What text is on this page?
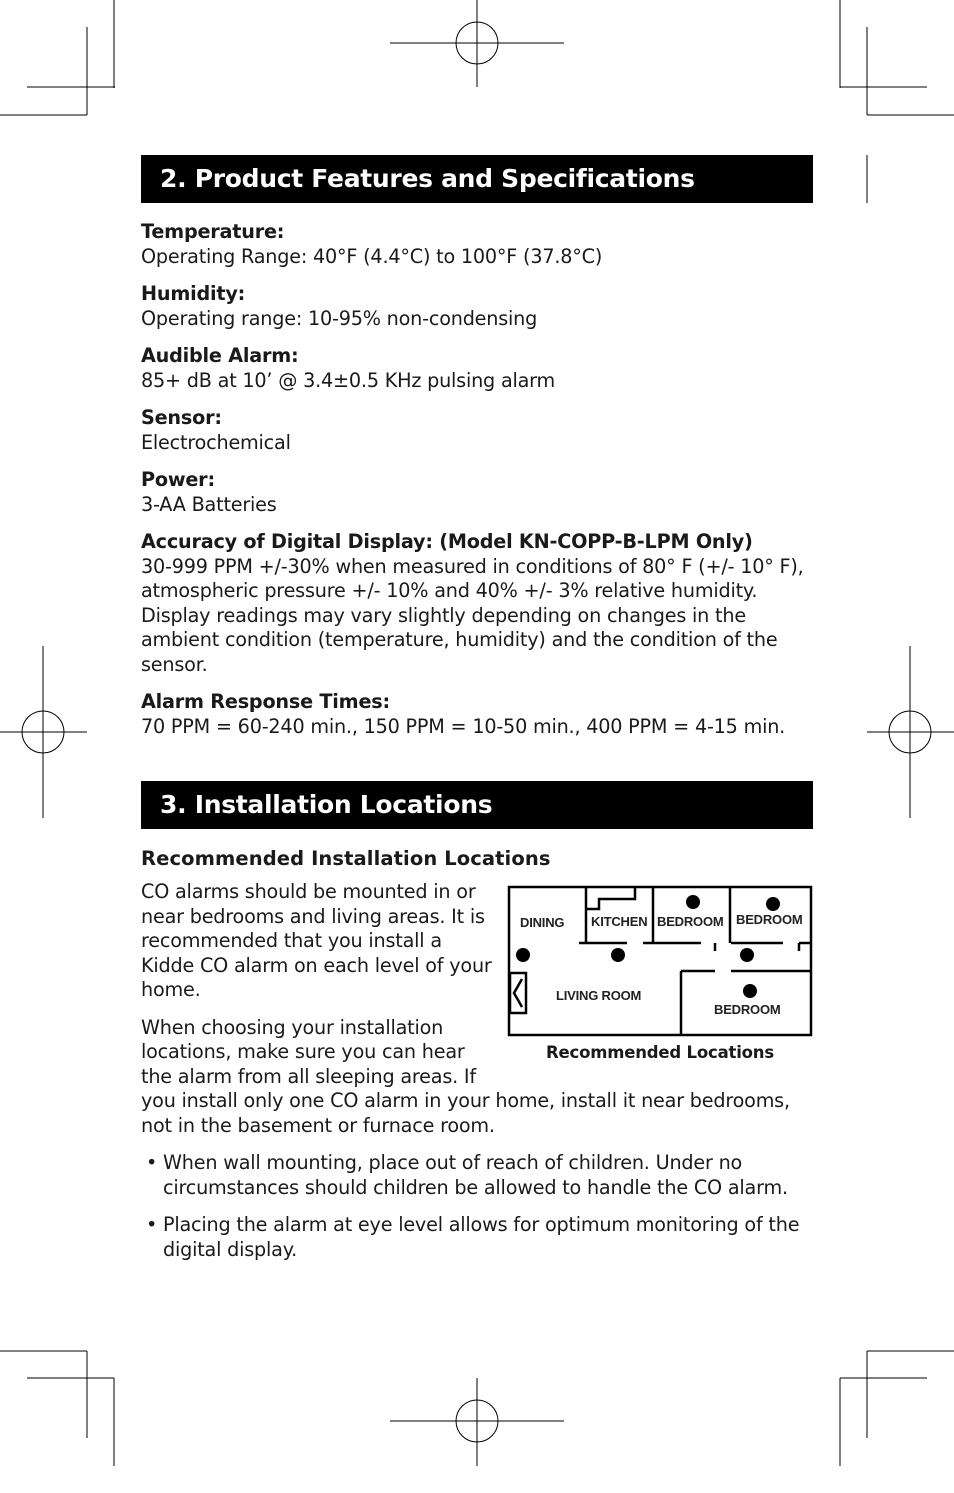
2. Product Features and Specifications
Temperature:
Operating Range: 40°F (4.4°C) to 100°F (37.8°C)
Humidity:
Operating range: 10-95% non-condensing
Audible Alarm:
85+ dB at 10’ @ 3.4±0.5 KHz pulsing alarm
Sensor:
Electrochemical
Power:
3-AA Batteries
Accuracy of Digital Display: (Model KN-COPP-B-LPM Only)
30-999 PPM +/-30% when measured in conditions of 80° F (+/- 10° F), atmospheric pressure +/- 10% and 40% +/- 3% relative humidity. Display readings may vary slightly depending on changes in the ambient condition (temperature, humidity) and the condition of the sensor.
Alarm Response Times:
70 PPM = 60-240 min., 150 PPM = 10-50 min., 400 PPM = 4-15 min.
3. Installation Locations
Recommended Installation Locations
DINING KITCHEN BEDROOM BEDROOM
LIVING ROOM
BEDROOM
Recommended Locations

CO alarms should be mounted in or near bedrooms and living areas. It is recommended that you install a Kidde CO alarm on each level of your home.

When choosing your installation locations, make sure you can hear the alarm from all sleeping areas. If you install only one CO alarm in your home, install it near bedrooms, not in the basement or furnace room.

• When wall mounting, place out of reach of children. Under no circumstances should children be allowed to handle the CO alarm.
• Placing the alarm at eye level allows for optimum monitoring of the digital display.
